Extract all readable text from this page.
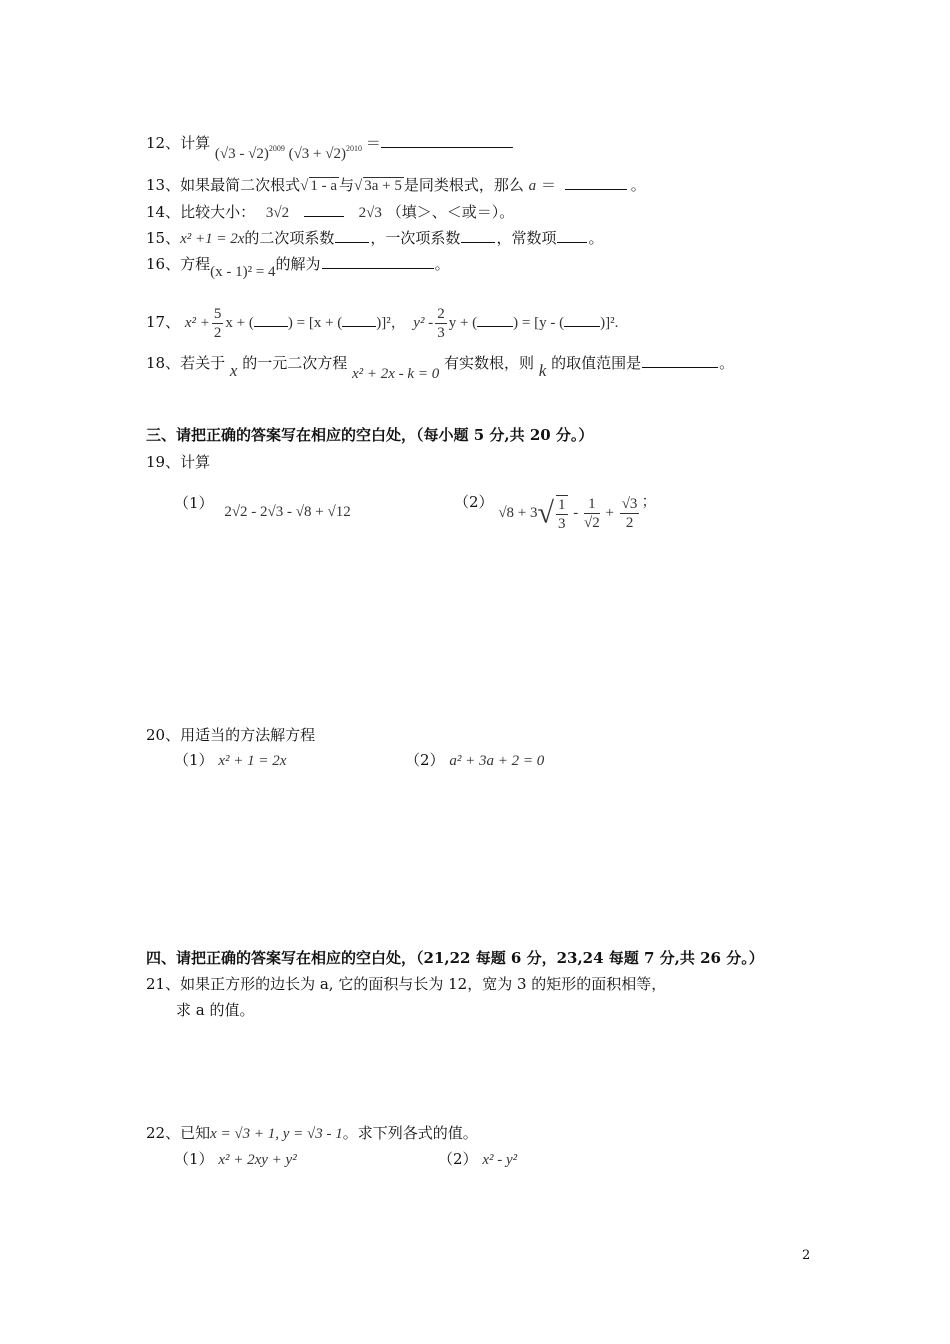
12、计算 (√3 - √2)$^{2009}$ $(√3 + √2)^{2010}$ ＝
13、如果最简二次根式√ 1 - a 与√ 3a + 5 是同类根式，那么 a ＝	。
14、比较大小： 3√2	2√3 （填＞、＜或＝）。
15、x² +1 = 2x的二次项系数 ，一次项系数 ，常数项 。
16、方程(x - 1)² = 4的解为	。
17、 $x^2 + \frac{5}{2}$ x + ( ) = [x + ( )]²， $y^2 - \frac{2}{3}$ y + ( ) = [y - ( )]².
18、若关于 x 的一元二次方程 x² + 2x - k = 0 有实数根，则 k 的取值范围是	。
三、请把正确的答案写在相应的空白处，（每小题 5 分,共 20 分。）
19、计算
（1） 2√2 - 2√3 - √8 + √12
（2） $√8 + 3√ \frac{1}{3} - \frac{1}{√2} + \frac{√3}{2}$ ；
20、用适当的方法解方程
（1） x² + 1 = 2x	（2） a² + 3a + 2 = 0
四、请把正确的答案写在相应的空白处，（21,22 每题 6 分，23,24 每题 7 分,共 26 分。）
21、如果正方形的边长为 a, 它的面积与长为 12，宽为 3 的矩形的面积相等，
求 a 的值。
22、已知x = √3 + 1, y = √3 - 1。求下列各式的值。
（1） x² + 2xy + y²	（2） x² - y²
2
